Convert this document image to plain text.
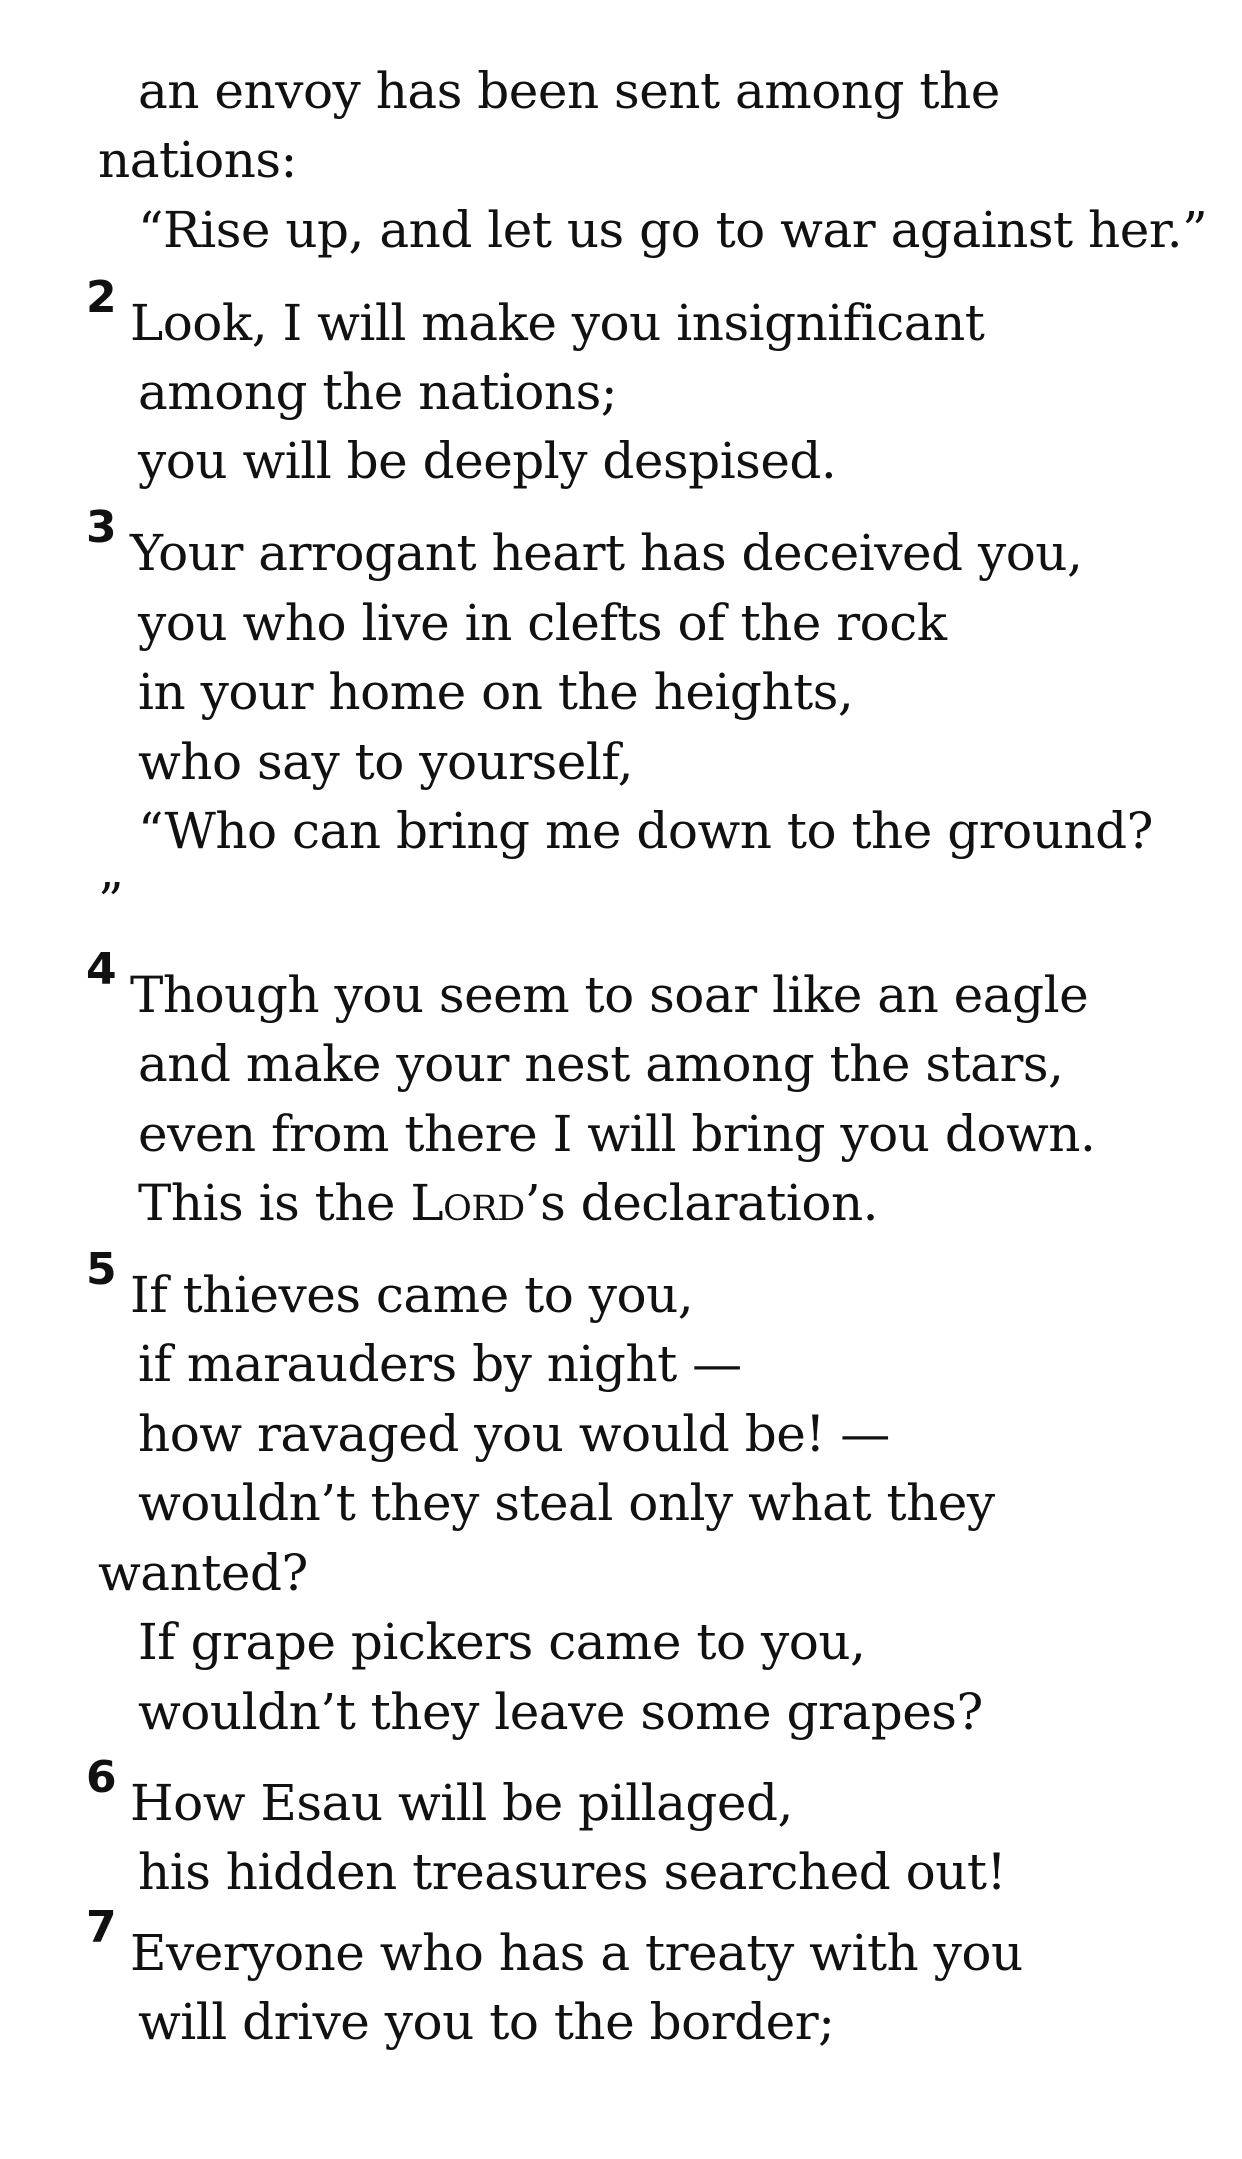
an envoy has been sent among the
nations:
“Rise up, and let us go to war against her.”
2 Look, I will make you insignificant
among the nations;
you will be deeply despised.
3 Your arrogant heart has deceived you,
you who live in clefts of the rock
in your home on the heights,
who say to yourself,
“Who can bring me down to the ground?
”
4 Though you seem to soar like an eagle
and make your nest among the stars,
even from there I will bring you down.
This is the Lord’s declaration.
5 If thieves came to you,
if marauders by night —
how ravaged you would be! —
wouldn’t they steal only what they
wanted?
If grape pickers came to you,
wouldn’t they leave some grapes?
6 How Esau will be pillaged,
his hidden treasures searched out!
7 Everyone who has a treaty with you
will drive you to the border;
